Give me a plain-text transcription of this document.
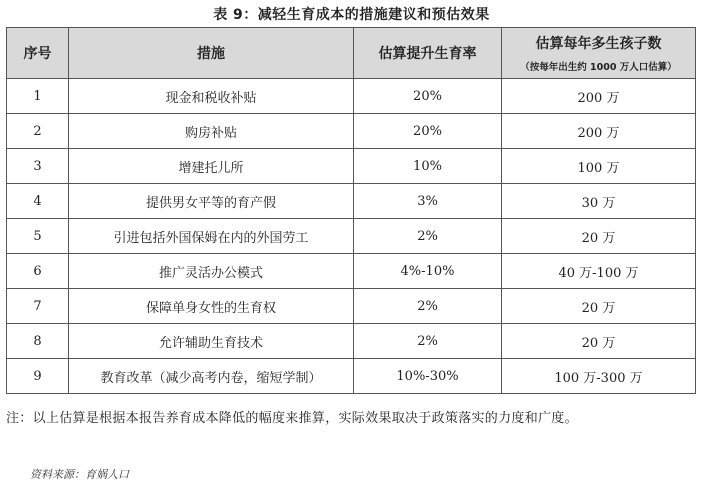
表 9：减轻生育成本的措施建议和预估效果
序号	措施	估算提升生育率	估算每年多生孩子数
（按每年出生约 1000 万人口估算）

1	现金和税收补贴	20%	200 万
2	购房补贴	20%	200 万
3	增建托儿所	10%	100 万
4	提供男女平等的育产假	3%	30 万
5	引进包括外国保姆在内的外国劳工	2%	20 万
6	推广灵活办公模式	4%-10%	40 万-100 万
7	保障单身女性的生育权	2%	20 万
8	允许辅助生育技术	2%	20 万
9	教育改革（减少高考内卷，缩短学制）	10%-30%	100 万-300 万
注：以上估算是根据本报告养育成本降低的幅度来推算，实际效果取决于政策落实的力度和广度。
资料来源：育娲人口
